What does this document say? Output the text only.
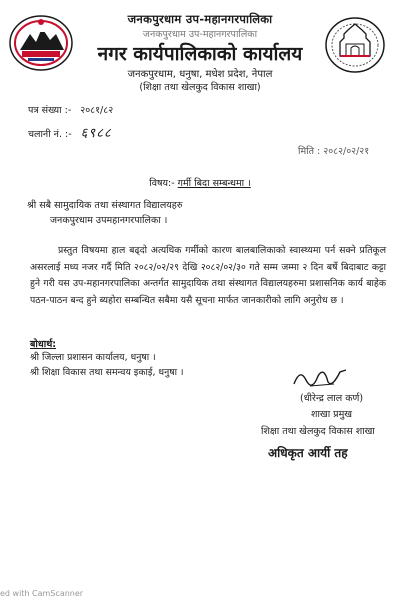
जनकपुरधाम उप-महानगरपालिका
जनकपुरधाम उप-महानगरपालिका
नगर कार्यपालिकाको कार्यालय
जनकपुरधाम, धनुषा, मधेश प्रदेश, नेपाल
(शिक्षा तथा खेलकुद विकास शाखा)
पत्र संख्या :- २०८१/८२
चलानी नं. :- ६९८८
मिति : २०८२/०२/२१
विषय:- गर्मी बिदा सम्बन्धमा ।
श्री सबै सामुदायिक तथा संस्थागत विद्यालयहरु
जनकपुरधाम उपमहानगरपालिका ।
प्रस्तुत विषयमा हाल बढ्दो अत्यधिक गर्मीको कारण बालबालिकाको स्वास्थ्यमा पर्न सक्ने प्रतिकूल असरलाई मध्य नजर गर्दै मिति २०८२/०२/२९ देखि २०८२/०२/३० गते सम्म जम्मा २ दिन बर्षे बिदाबाट कट्टा हुने गरी यस उप-महानगरपालिका अन्तर्गत सामुदायिक तथा संस्थागत विद्यालयहरुमा प्रशासनिक कार्य बाहेक पठन-पाठन बन्द हुने ब्यहोरा सम्बन्धित सबैमा यसै सूचना मार्फत जानकारीको लागि अनुरोध छ ।
बोधार्थ:
श्री जिल्ला प्रशासन कार्यालय, धनुषा ।
श्री शिक्षा विकास तथा समन्वय इकाई, धनुषा ।
(धीरेन्द्र लाल कर्ण)
शाखा प्रमुख
शिक्षा तथा खेलकुद विकास शाखा
अधिकृत आर्यी तह
ed with CamScanner
